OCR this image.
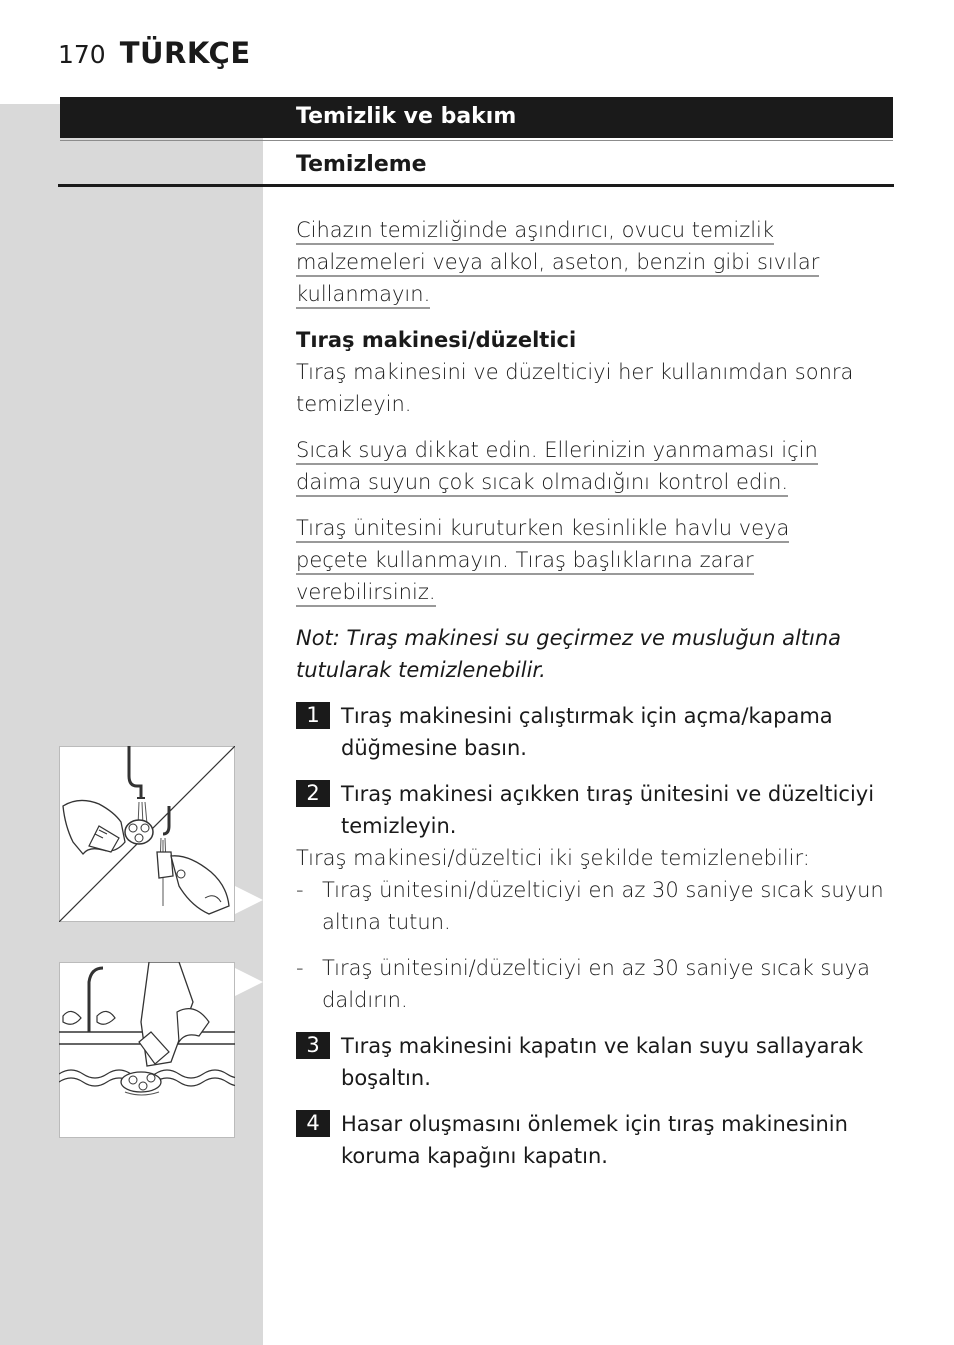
170 TÜRKÇE
Temizlik ve bakım
Temizleme

Cihazın temizliğinde aşındırıcı, ovucu temizlik
malzemeleri veya alkol, aseton, benzin gibi sıvılar
kullanmayın.

Tıraş makinesi/düzeltici

Tıraş makinesini ve düzelticiyi her kullanımdan sonra temizleyin.

Sıcak suya dikkat edin. Ellerinizin yanmaması için
daima suyun çok sıcak olmadığını kontrol edin.

Tıraş ünitesini kuruturken kesinlikle havlu veya
peçete kullanmayın. Tıraş başlıklarına zarar
verebilirsiniz.

Not: Tıraş makinesi su geçirmez ve musluğun altına tutularak temizlenebilir.

1	Tıraş makinesini çalıştırmak için açma/kapama düğmesine basın.
2	Tıraş makinesi açıkken tıraş ünitesini ve düzelticiyi temizleyin.

Tıraş makinesi/düzeltici iki şekilde temizlenebilir:

- Tıraş ünitesini/düzelticiyi en az 30 saniye sıcak suyun altına tutun.

- Tıraş ünitesini/düzelticiyi en az 30 saniye sıcak suya daldırın.

3	Tıraş makinesini kapatın ve kalan suyu sallayarak boşaltın.
4	Hasar oluşmasını önlemek için tıraş makinesinin koruma kapağını kapatın.
